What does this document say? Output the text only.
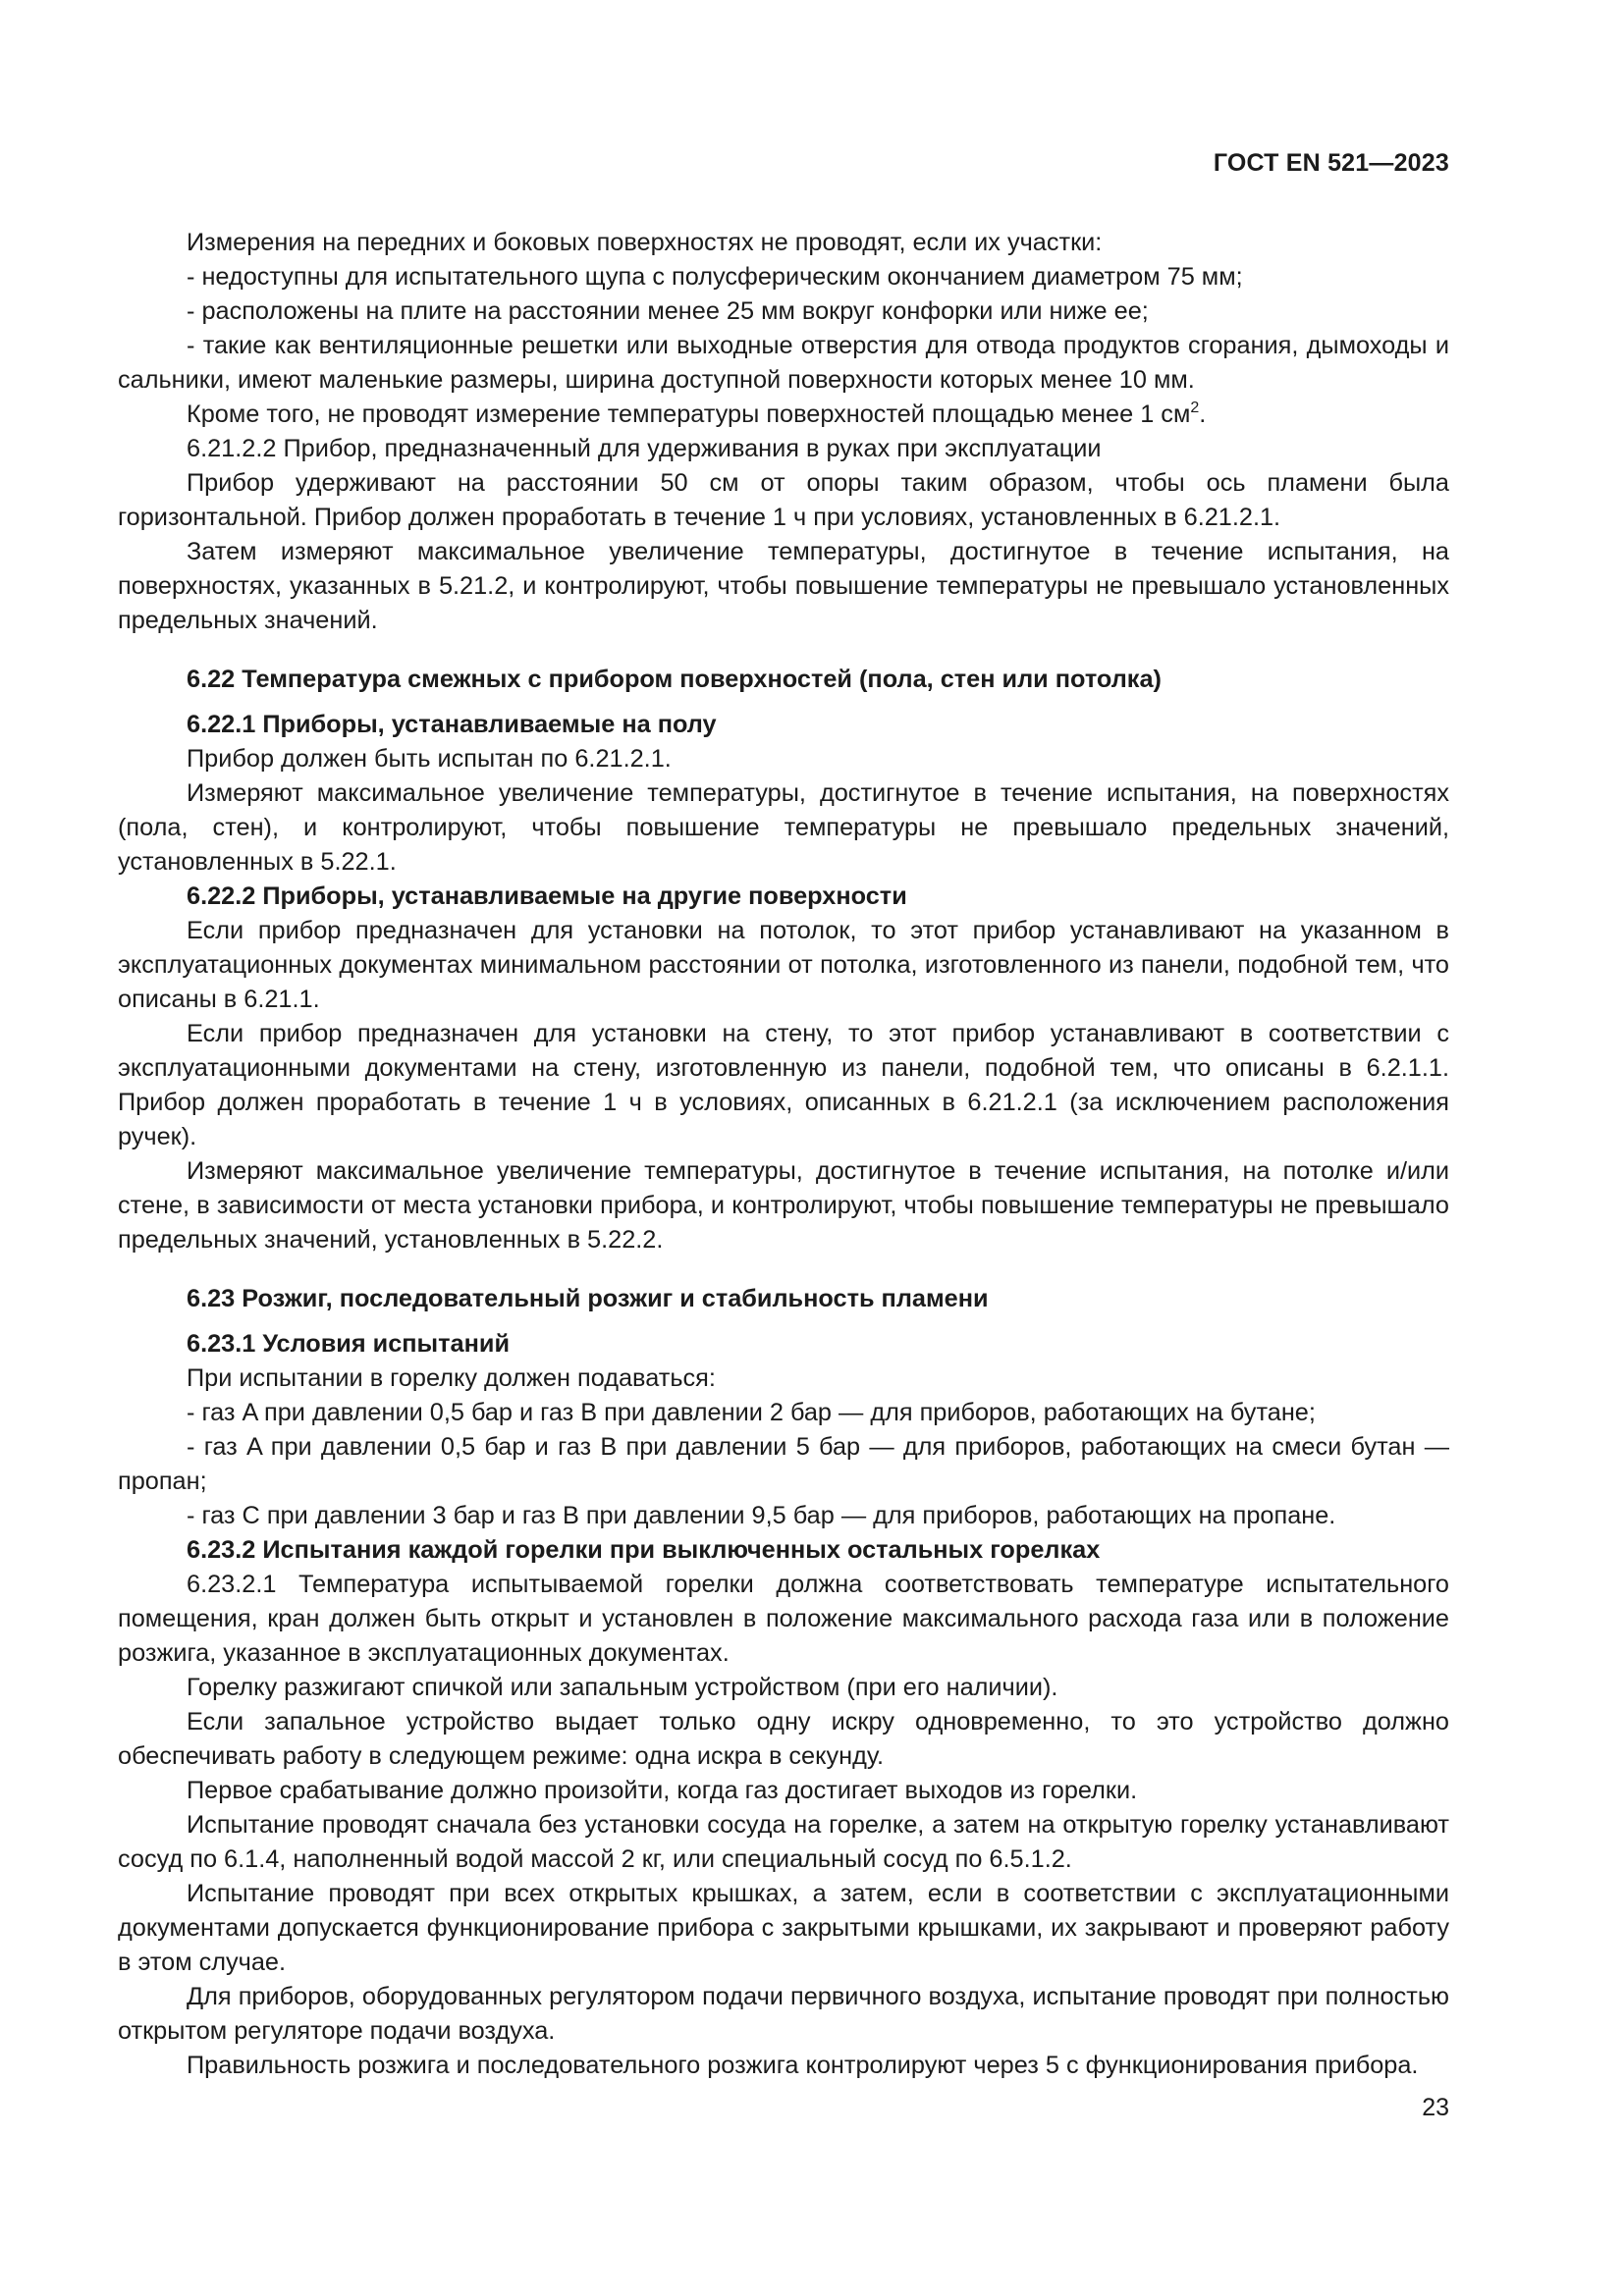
ГОСТ EN 521—2023

Измерения на передних и боковых поверхностях не проводят, если их участки:

- недоступны для испытательного щупа с полусферическим окончанием диаметром 75 мм;

- расположены на плите на расстоянии менее 25 мм вокруг конфорки или ниже ее;

- такие как вентиляционные решетки или выходные отверстия для отвода продуктов сгорания, дымоходы и сальники, имеют маленькие размеры, ширина доступной поверхности которых менее 10 мм.

Кроме того, не проводят измерение температуры поверхностей площадью менее 1 $см^2$.

6.21.2.2 Прибор, предназначенный для удерживания в руках при эксплуатации

Прибор удерживают на расстоянии 50 см от опоры таким образом, чтобы ось пламени была горизонтальной. Прибор должен проработать в течение 1 ч при условиях, установленных в 6.21.2.1.

Затем измеряют максимальное увеличение температуры, достигнутое в течение испытания, на поверхностях, указанных в 5.21.2, и контролируют, чтобы повышение температуры не превышало установленных предельных значений.

6.22 Температура смежных с прибором поверхностей (пола, стен или потолка)

6.22.1 Приборы, устанавливаемые на полу

Прибор должен быть испытан по 6.21.2.1.

Измеряют максимальное увеличение температуры, достигнутое в течение испытания, на поверхностях (пола, стен), и контролируют, чтобы повышение температуры не превышало предельных значений, установленных в 5.22.1.

6.22.2 Приборы, устанавливаемые на другие поверхности

Если прибор предназначен для установки на потолок, то этот прибор устанавливают на указанном в эксплуатационных документах минимальном расстоянии от потолка, изготовленного из панели, подобной тем, что описаны в 6.21.1.

Если прибор предназначен для установки на стену, то этот прибор устанавливают в соответствии с эксплуатационными документами на стену, изготовленную из панели, подобной тем, что описаны в 6.2.1.1. Прибор должен проработать в течение 1 ч в условиях, описанных в 6.21.2.1 (за исключением расположения ручек).

Измеряют максимальное увеличение температуры, достигнутое в течение испытания, на потолке и/или стене, в зависимости от места установки прибора, и контролируют, чтобы повышение температуры не превышало предельных значений, установленных в 5.22.2.

6.23 Розжиг, последовательный розжиг и стабильность пламени

6.23.1 Условия испытаний

При испытании в горелку должен подаваться:

- газ A при давлении 0,5 бар и газ B при давлении 2 бар — для приборов, работающих на бутане;

- газ A при давлении 0,5 бар и газ B при давлении 5 бар — для приборов, работающих на смеси бутан — пропан;

- газ C при давлении 3 бар и газ B при давлении 9,5 бар — для приборов, работающих на пропане.

6.23.2 Испытания каждой горелки при выключенных остальных горелках

6.23.2.1 Температура испытываемой горелки должна соответствовать температуре испытательного помещения, кран должен быть открыт и установлен в положение максимального расхода газа или в положение розжига, указанное в эксплуатационных документах.

Горелку разжигают спичкой или запальным устройством (при его наличии).

Если запальное устройство выдает только одну искру одновременно, то это устройство должно обеспечивать работу в следующем режиме: одна искра в секунду.

Первое срабатывание должно произойти, когда газ достигает выходов из горелки.

Испытание проводят сначала без установки сосуда на горелке, а затем на открытую горелку устанавливают сосуд по 6.1.4, наполненный водой массой 2 кг, или специальный сосуд по 6.5.1.2.

Испытание проводят при всех открытых крышках, а затем, если в соответствии с эксплуатационными документами допускается функционирование прибора с закрытыми крышками, их закрывают и проверяют работу в этом случае.

Для приборов, оборудованных регулятором подачи первичного воздуха, испытание проводят при полностью открытом регуляторе подачи воздуха.

Правильность розжига и последовательного розжига контролируют через 5 с функционирования прибора.

23
